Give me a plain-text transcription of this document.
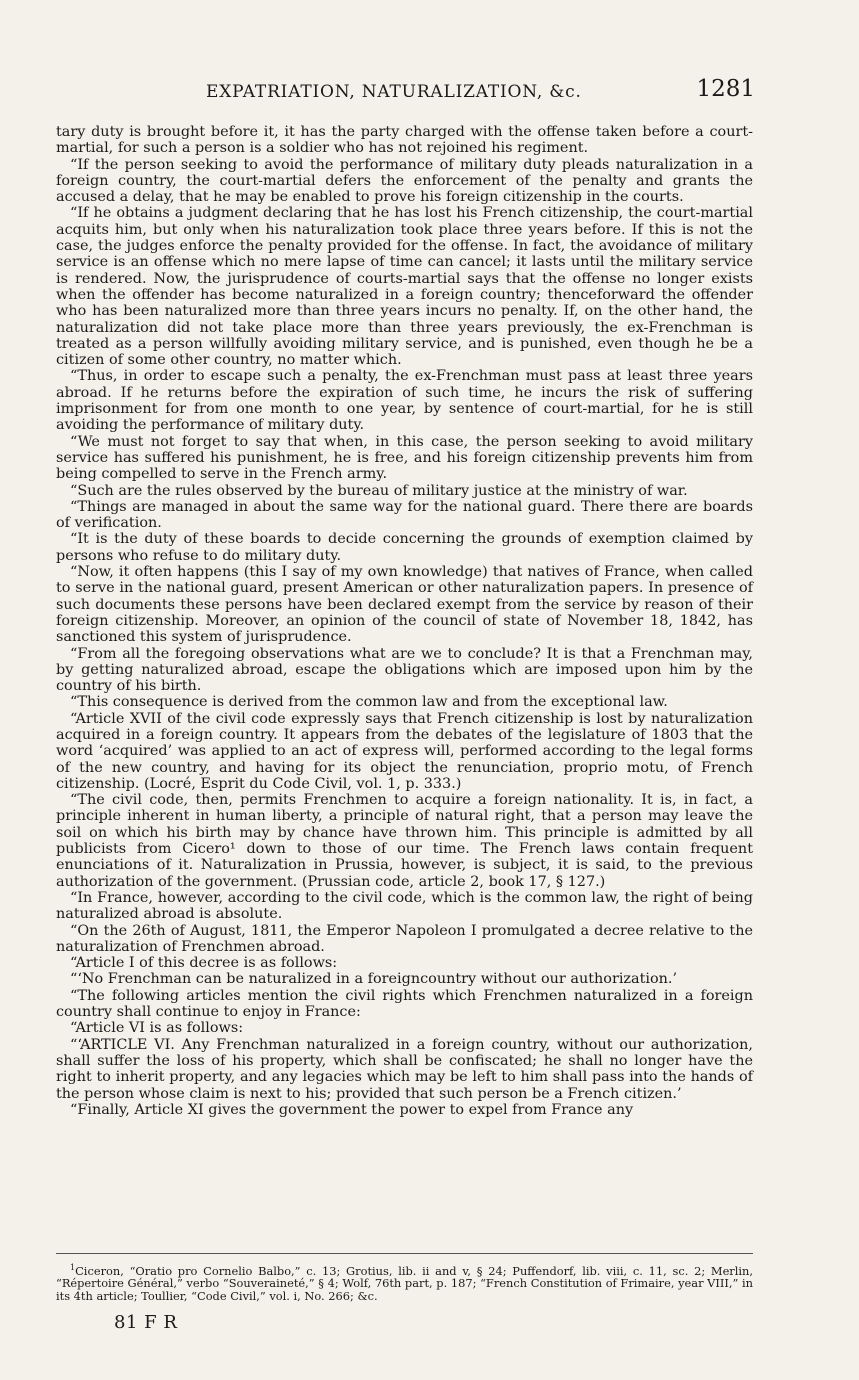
EXPATRIATION, NATURALIZATION, &c.	1281

tary duty is brought before it, it has the party charged with the offense taken before a court-martial, for such a person is a soldier who has not rejoined his regiment.

“If the person seeking to avoid the performance of military duty pleads naturalization in a foreign country, the court-martial defers the enforcement of the penalty and grants the accused a delay, that he may be enabled to prove his foreign citizenship in the courts.

“If he obtains a judgment declaring that he has lost his French citizenship, the court-martial acquits him, but only when his naturalization took place three years before. If this is not the case, the judges enforce the penalty provided for the offense. In fact, the avoidance of military service is an offense which no mere lapse of time can cancel; it lasts until the military service is rendered. Now, the jurisprudence of courts-martial says that the offense no longer exists when the offender has become naturalized in a foreign country; thenceforward the offender who has been naturalized more than three years incurs no penalty. If, on the other hand, the naturalization did not take place more than three years previously, the ex-Frenchman is treated as a person willfully avoiding military service, and is punished, even though he be a citizen of some other country, no matter which.

“Thus, in order to escape such a penalty, the ex-Frenchman must pass at least three years abroad. If he returns before the expiration of such time, he incurs the risk of suffering imprisonment for from one month to one year, by sentence of court-martial, for he is still avoiding the performance of military duty.

“We must not forget to say that when, in this case, the person seeking to avoid military service has suffered his punishment, he is free, and his foreign citizenship prevents him from being compelled to serve in the French army.

“Such are the rules observed by the bureau of military justice at the ministry of war.

“Things are managed in about the same way for the national guard. There there are boards of verification.

“It is the duty of these boards to decide concerning the grounds of exemption claimed by persons who refuse to do military duty.

“Now, it often happens (this I say of my own knowledge) that natives of France, when called to serve in the national guard, present American or other naturalization papers. In presence of such documents these persons have been declared exempt from the service by reason of their foreign citizenship. Moreover, an opinion of the council of state of November 18, 1842, has sanctioned this system of jurisprudence.

“From all the foregoing observations what are we to conclude? It is that a Frenchman may, by getting naturalized abroad, escape the obligations which are imposed upon him by the country of his birth.

“This consequence is derived from the common law and from the exceptional law.

“Article XVII of the civil code expressly says that French citizenship is lost by naturalization acquired in a foreign country. It appears from the debates of the legislature of 1803 that the word ‘acquired’ was applied to an act of express will, performed according to the legal forms of the new country, and having for its object the renunciation, proprio motu, of French citizenship. (Locré, Esprit du Code Civil, vol. 1, p. 333.)

“The civil code, then, permits Frenchmen to acquire a foreign nationality. It is, in fact, a principle inherent in human liberty, a principle of natural right, that a person may leave the soil on which his birth may by chance have thrown him. This principle is admitted by all publicists from Cicero¹ down to those of our time. The French laws contain frequent enunciations of it. Naturalization in Prussia, however, is subject, it is said, to the previous authorization of the government. (Prussian code, article 2, book 17, § 127.)

“In France, however, according to the civil code, which is the common law, the right of being naturalized abroad is absolute.

“On the 26th of August, 1811, the Emperor Napoleon I promulgated a decree relative to the naturalization of Frenchmen abroad.

“Article I of this decree is as follows:

“‘No Frenchman can be naturalized in a foreigncountry without our authorization.’

“The following articles mention the civil rights which Frenchmen naturalized in a foreign country shall continue to enjoy in France:

“Article VI is as follows:

“‘ARTICLE VI. Any Frenchman naturalized in a foreign country, without our authorization, shall suffer the loss of his property, which shall be confiscated; he shall no longer have the right to inherit property, and any legacies which may be left to him shall pass into the hands of the person whose claim is next to his; provided that such person be a French citizen.’

“Finally, Article XI gives the government the power to expel from France any

$^1$Ciceron, “Oratio pro Cornelio Balbo,” c. 13; Grotius, lib. ii and v, § 24; Puffendorf, lib. viii, c. 11, sc. 2; Merlin, “Répertoire Général,” verbo “Souveraineté,” § 4; Wolf, 76th part, p. 187; “French Constitution of Frimaire, year VIII,” in its 4th article; Toullier, “Code Civil,” vol. i, No. 266; &c.
81 F R
